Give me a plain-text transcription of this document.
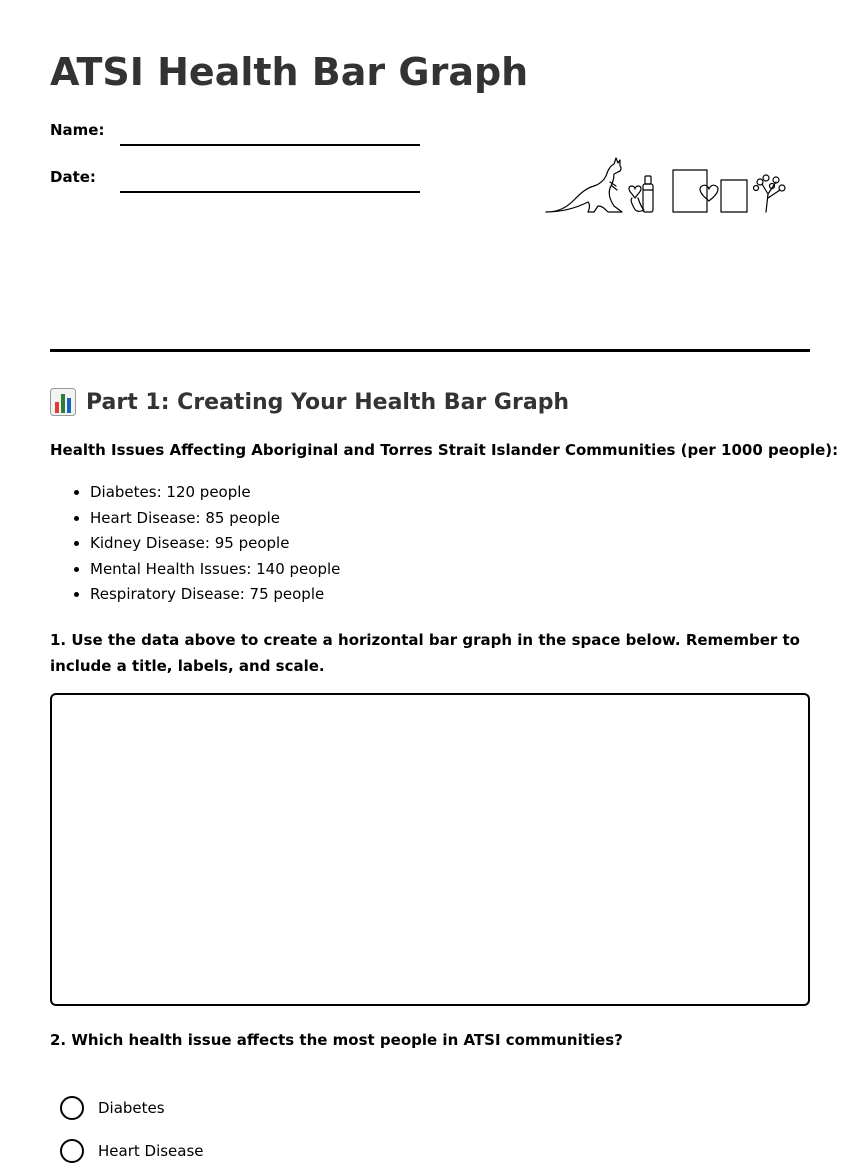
ATSI Health Bar Graph
Name:
Date:
Part 1: Creating Your Health Bar Graph
Health Issues Affecting Aboriginal and Torres Strait Islander Communities (per 1000 people):
• Diabetes: 120 people
• Heart Disease: 85 people
• Kidney Disease: 95 people
• Mental Health Issues: 140 people
• Respiratory Disease: 75 people
1. Use the data above to create a horizontal bar graph in the space below. Remember to include a title, labels, and scale.
2. Which health issue affects the most people in ATSI communities?
Diabetes
Heart Disease
